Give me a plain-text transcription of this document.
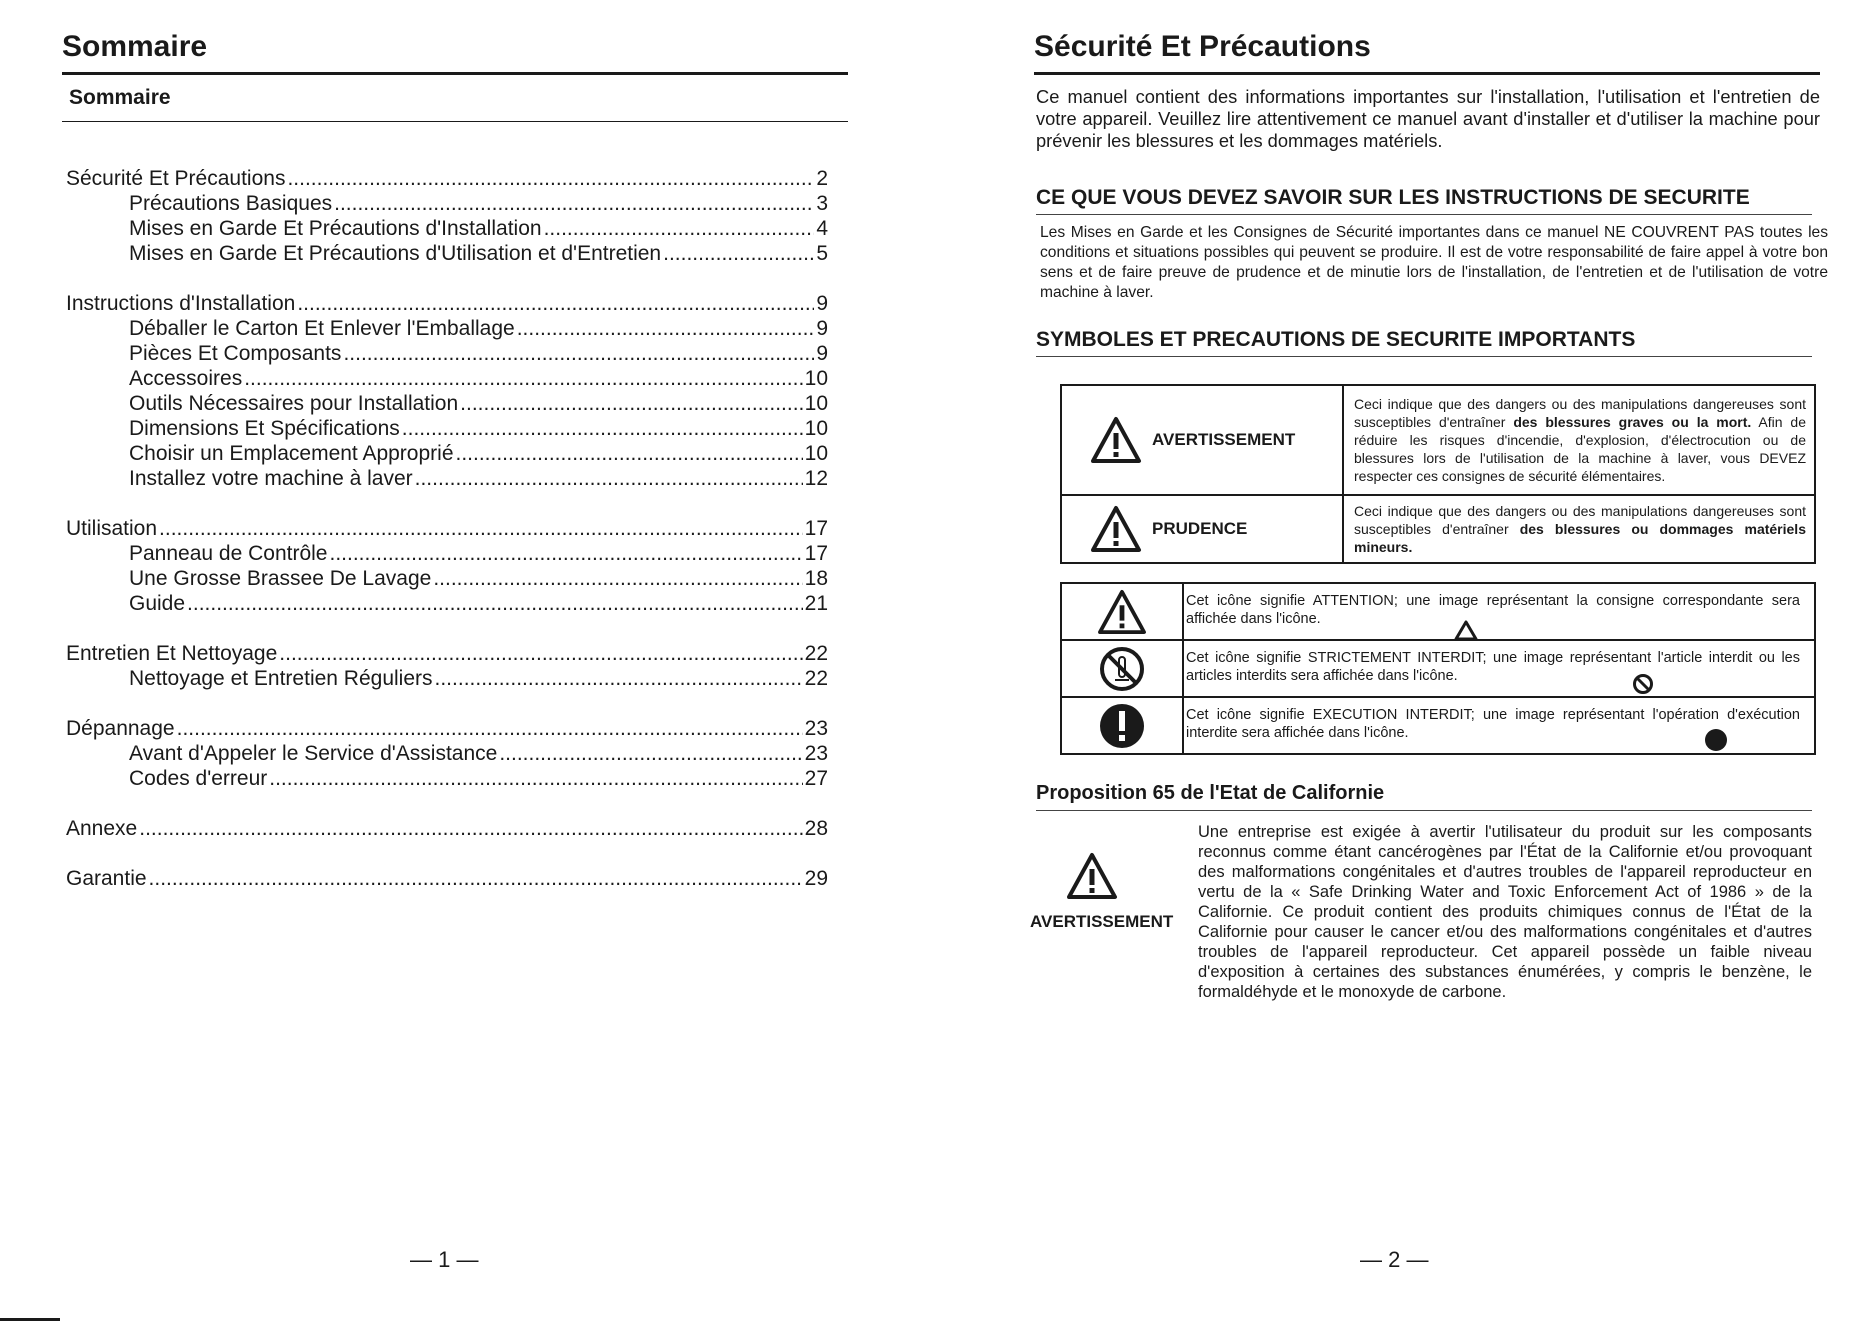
Sommaire
Sommaire
Sécurité Et Précautions .....	2
Précautions Basiques .....	3
Mises en Garde Et Précautions d'Installation .....	4
Mises en Garde Et Précautions d'Utilisation et d'Entretien .....	5
Instructions d'Installation .....	9
Déballer le Carton Et Enlever l'Emballage .....	9
Pièces Et Composants .....	9
Accessoires .....	10
Outils Nécessaires pour Installation .....	10
Dimensions Et Spécifications .....	10
Choisir un Emplacement Approprié .....	10
Installez votre machine à laver .....	12
Utilisation .....	17
Panneau de Contrôle .....	17
Une Grosse Brassee De Lavage .....	18
Guide .....	21
Entretien Et Nettoyage .....	22
Nettoyage et Entretien Réguliers .....	22
Dépannage .....	23
Avant d'Appeler le Service d'Assistance .....	23
Codes d'erreur .....	27
Annexe .....	28
Garantie .....	29
— 1 —
Sécurité Et Précautions

Ce manuel contient des informations importantes sur l'installation, l'utilisation et l'entretien de votre appareil. Veuillez lire attentivement ce manuel avant d'installer et d'utiliser la machine pour prévenir les blessures et les dommages matériels.

CE QUE VOUS DEVEZ SAVOIR SUR LES INSTRUCTIONS DE SECURITE

Les Mises en Garde et les Consignes de Sécurité importantes dans ce manuel NE COUVRENT PAS toutes les conditions et situations possibles qui peuvent se produire. Il est de votre responsabilité de faire appel à votre bon sens et de faire preuve de prudence et de minutie lors de l'installation, de l'entretien et de l'utilisation de votre machine à laver.

SYMBOLES ET PRECAUTIONS DE SECURITE IMPORTANTS
AVERTISSEMENT	Ceci indique que des dangers ou des manipulations dangereuses sont susceptibles d'entraîner des blessures graves ou la mort. Afin de réduire les risques d'incendie, d'explosion, d'électrocution ou de blessures lors de l'utilisation de la machine à laver, vous DEVEZ respecter ces consignes de sécurité élémentaires.

PRUDENCE	Ceci indique que des dangers ou des manipulations dangereuses sont susceptibles d'entraîner des blessures ou dommages matériels mineurs.
	Cet icône signifie ATTENTION; une image représentant la consigne correspondante sera affichée dans l'icône.

	Cet icône signifie STRICTEMENT INTERDIT; une image représentant l'article interdit ou les articles interdits sera affichée dans l'icône.

	Cet icône signifie EXECUTION INTERDIT; une image représentant l'opération d'exécution interdite sera affichée dans l'icône.
Proposition 65 de l'Etat de Californie
AVERTISSEMENT

Une entreprise est exigée à avertir l'utilisateur du produit sur les composants reconnus comme étant cancérogènes par l'État de la Californie et/ou provoquant des malformations congénitales et d'autres troubles de l'appareil reproducteur en vertu de la « Safe Drinking Water and Toxic Enforcement Act of 1986 » de la Californie. Ce produit contient des produits chimiques connus de l'État de la Californie pour causer le cancer et/ou des malformations congénitales et d'autres troubles de l'appareil reproducteur. Cet appareil possède un faible niveau d'exposition à certaines des substances énumérées, y compris le benzène, le formaldéhyde et le monoxyde de carbone.

— 2 —
